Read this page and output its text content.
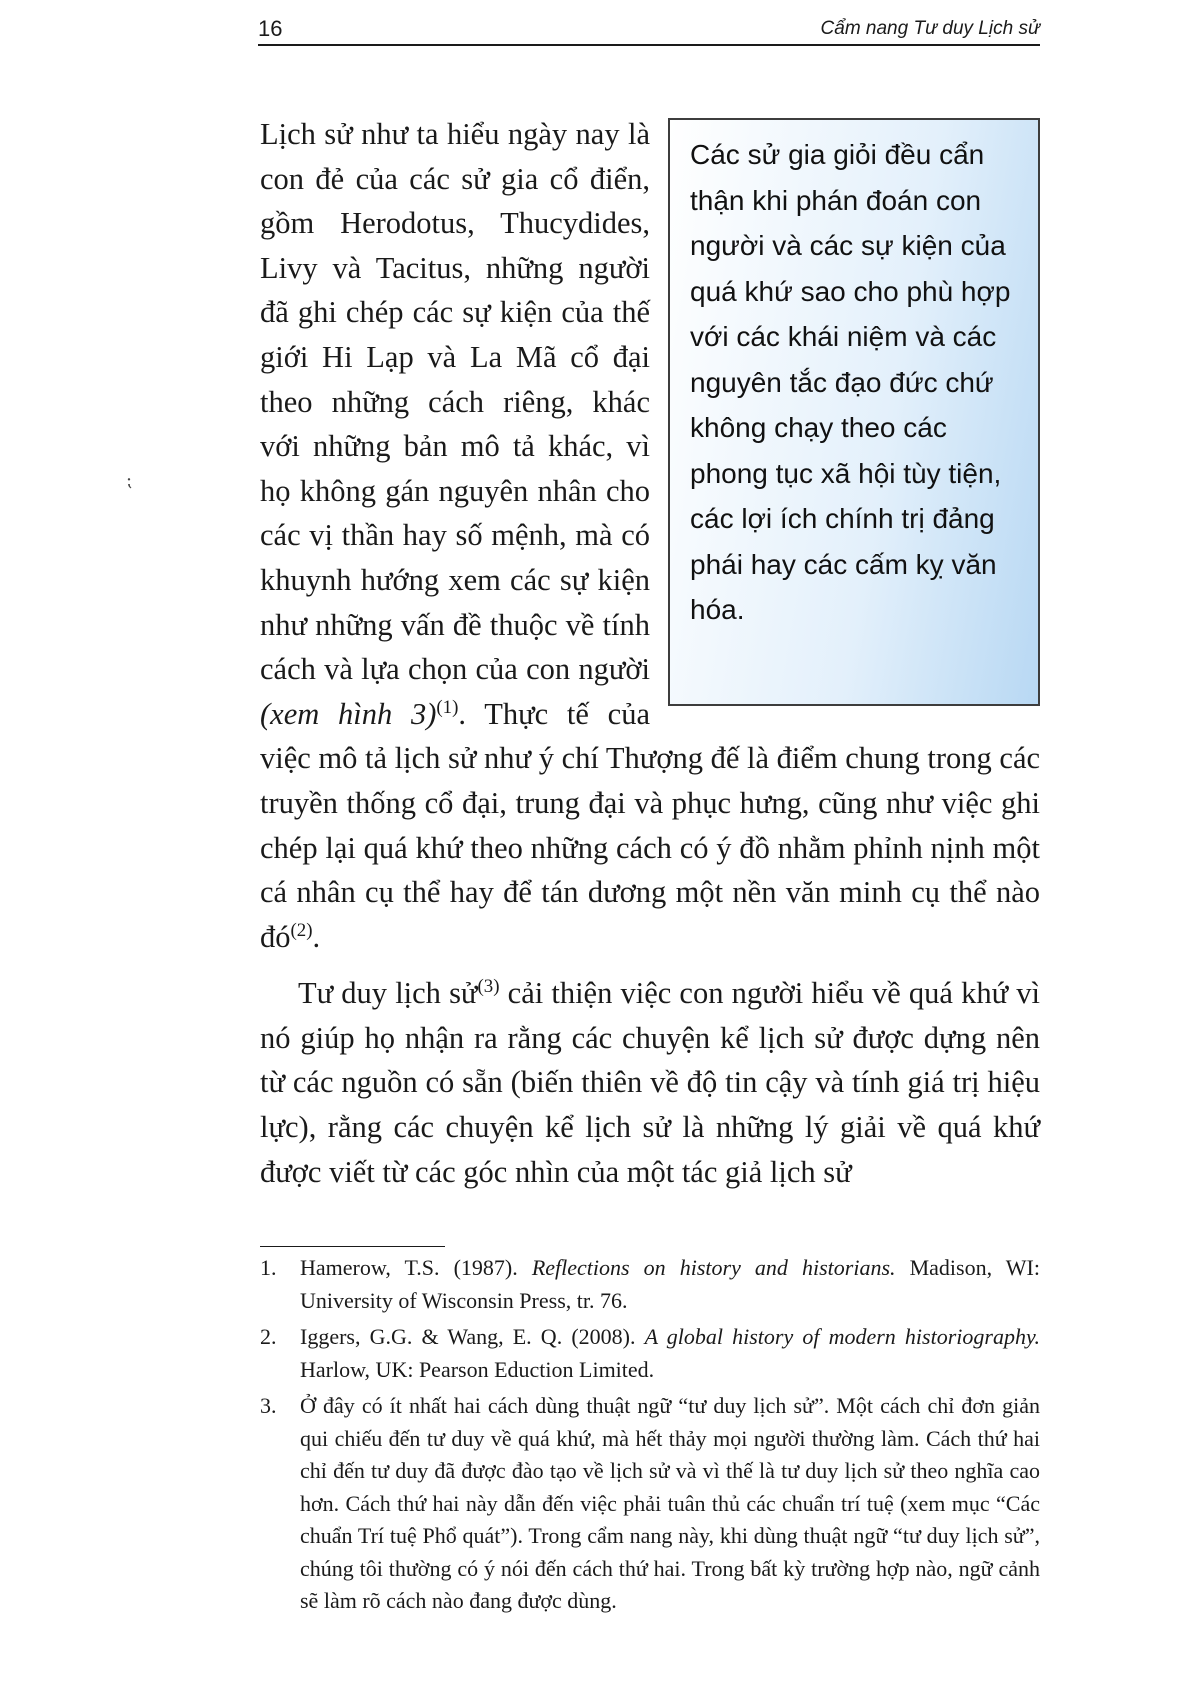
16	Cẩm nang Tư duy Lịch sử
⁏
Các sử gia giỏi đều cẩn thận khi phán đoán con người và các sự kiện của quá khứ sao cho phù hợp với các khái niệm và các nguyên tắc đạo đức chứ không chạy theo các phong tục xã hội tùy tiện, các lợi ích chính trị đảng phái hay các cấm kỵ văn hóa.

Lịch sử như ta hiểu ngày nay là con đẻ của các sử gia cổ điển, gồm Herodotus, Thucydides, Livy và Tacitus, những người đã ghi chép các sự kiện của thế giới Hi Lạp và La Mã cổ đại theo những cách riêng, khác với những bản mô tả khác, vì họ không gán nguyên nhân cho các vị thần hay số mệnh, mà có khuynh hướng xem các sự kiện như những vấn đề thuộc về tính cách và lựa chọn của con người (xem hình 3)$^{(1)}$. Thực tế của việc mô tả lịch sử như ý chí Thượng đế là điểm chung trong các truyền thống cổ đại, trung đại và phục hưng, cũng như việc ghi chép lại quá khứ theo những cách có ý đồ nhằm phỉnh nịnh một cá nhân cụ thể hay để tán dương một nền văn minh cụ thể nào $đó^{(2)}$.

Tư duy lịch sử$^{(3)}$ cải thiện việc con người hiểu về quá khứ vì nó giúp họ nhận ra rằng các chuyện kể lịch sử được dựng nên từ các nguồn có sẵn (biến thiên về độ tin cậy và tính giá trị hiệu lực), rằng các chuyện kể lịch sử là những lý giải về quá khứ được viết từ các góc nhìn của một tác giả lịch sử

1.	Hamerow, T.S. (1987). Reflections on history and historians. Madison, WI: University of Wisconsin Press, tr. 76.
2.	Iggers, G.G. & Wang, E. Q. (2008). A global history of modern historiography. Harlow, UK: Pearson Eduction Limited.
3.	Ở đây có ít nhất hai cách dùng thuật ngữ “tư duy lịch sử”. Một cách chỉ đơn giản qui chiếu đến tư duy về quá khứ, mà hết thảy mọi người thường làm. Cách thứ hai chỉ đến tư duy đã được đào tạo về lịch sử và vì thế là tư duy lịch sử theo nghĩa cao hơn. Cách thứ hai này dẫn đến việc phải tuân thủ các chuẩn trí tuệ (xem mục “Các chuẩn Trí tuệ Phổ quát”). Trong cẩm nang này, khi dùng thuật ngữ “tư duy lịch sử”, chúng tôi thường có ý nói đến cách thứ hai. Trong bất kỳ trường hợp nào, ngữ cảnh sẽ làm rõ cách nào đang được dùng.
